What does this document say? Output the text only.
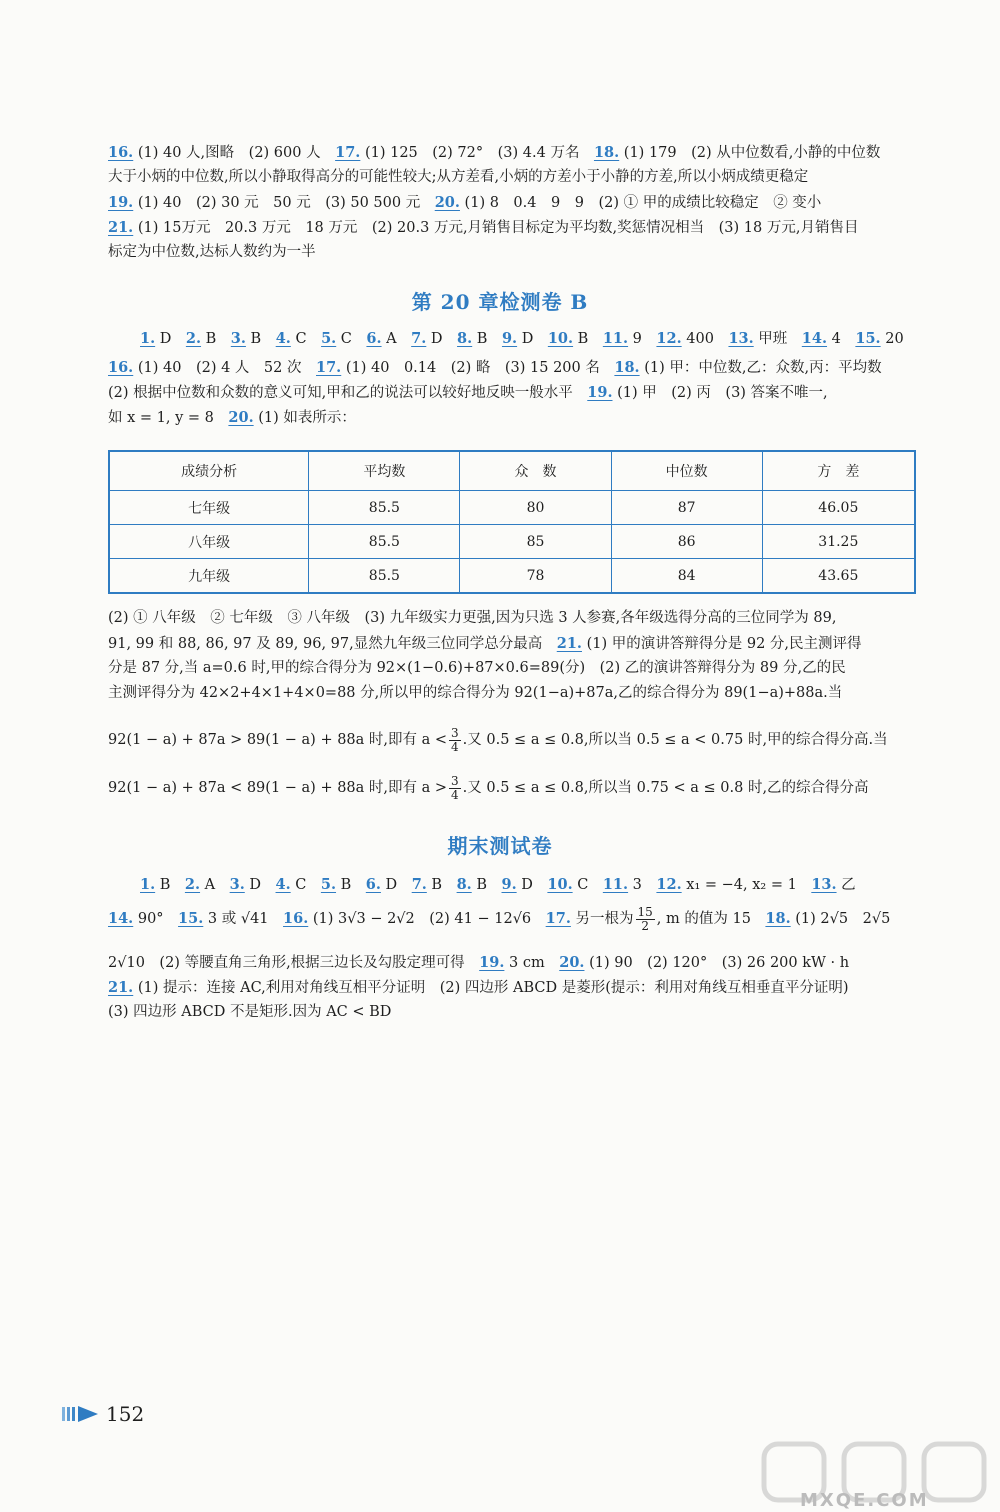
16. (1) 40 人,图略　(2) 600 人　17. (1) 125　(2) 72°　(3) 4.4 万名　18. (1) 179　(2) 从中位数看,小静的中位数
大于小炳的中位数,所以小静取得高分的可能性较大;从方差看,小炳的方差小于小静的方差,所以小炳成绩更稳定
19. (1) 40　(2) 30 元　50 元　(3) 50 500 元　20. (1) 8　0.4　9　9　(2) ① 甲的成绩比较稳定　② 变小
21. (1) 15万元　20.3 万元　18 万元　(2) 20.3 万元,月销售目标定为平均数,奖惩情况相当　(3) 18 万元,月销售目
标定为中位数,达标人数约为一半
第 20 章检测卷 B
1. D　2. B　3. B　4. C　5. C　6. A　7. D　8. B　9. D　10. B　11. 9　12. 400　13. 甲班　14. 4　15. 20
16. (1) 40　(2) 4 人　52 次　17. (1) 40　0.14　(2) 略　(3) 15 200 名　18. (1) 甲：中位数,乙：众数,丙：平均数
(2) 根据中位数和众数的意义可知,甲和乙的说法可以较好地反映一般水平　19. (1) 甲　(2) 丙　(3) 答案不唯一,
如 x = 1, y = 8　20. (1) 如表所示：
成绩分析	平均数	众　数	中位数	方　差
七年级	85.5	80	87	46.05
八年级	85.5	85	86	31.25
九年级	85.5	78	84	43.65
(2) ① 八年级　② 七年级　③ 八年级　(3) 九年级实力更强,因为只选 3 人参赛,各年级选得分高的三位同学为 89,
91, 99 和 88, 86, 97 及 89, 96, 97,显然九年级三位同学总分最高　21. (1) 甲的演讲答辩得分是 92 分,民主测评得
分是 87 分,当 a=0.6 时,甲的综合得分为 92×(1−0.6)+87×0.6=89(分)　(2) 乙的演讲答辩得分为 89 分,乙的民
主测评得分为 42×2+4×1+4×0=88 分,所以甲的综合得分为 92(1−a)+87a,乙的综合得分为 89(1−a)+88a.当
92(1 − a) + 87a > 89(1 − a) + 88a 时,即有 $a < \frac{3}{4}$ .又 0.5 ≤ a ≤ 0.8,所以当 0.5 ≤ a < 0.75 时,甲的综合得分高.当
92(1 − a) + 87a < 89(1 − a) + 88a 时,即有 $a > \frac{3}{4}$ .又 0.5 ≤ a ≤ 0.8,所以当 0.75 < a ≤ 0.8 时,乙的综合得分高
期末测试卷
1. B　2. A　3. D　4. C　5. B　6. D　7. B　8. B　9. D　10. C　11. 3　12. x₁ = −4, x₂ = 1　13. 乙
14. 90°　15. 3 或 √41　16. (1) 3√3 − 2√2　(2) 41 − 12√6　17. 另一根为 $\frac{15}{2}$ , m 的值为 15　18. (1) 2√5　2√5
2√10　(2) 等腰直角三角形,根据三边长及勾股定理可得　19. 3 cm　20. (1) 90　(2) 120°　(3) 26 200 kW · h
21. (1) 提示：连接 AC,利用对角线互相平分证明　(2) 四边形 ABCD 是菱形(提示：利用对角线互相垂直平分证明)
(3) 四边形 ABCD 不是矩形.因为 AC < BD
152
MXQE.COM
